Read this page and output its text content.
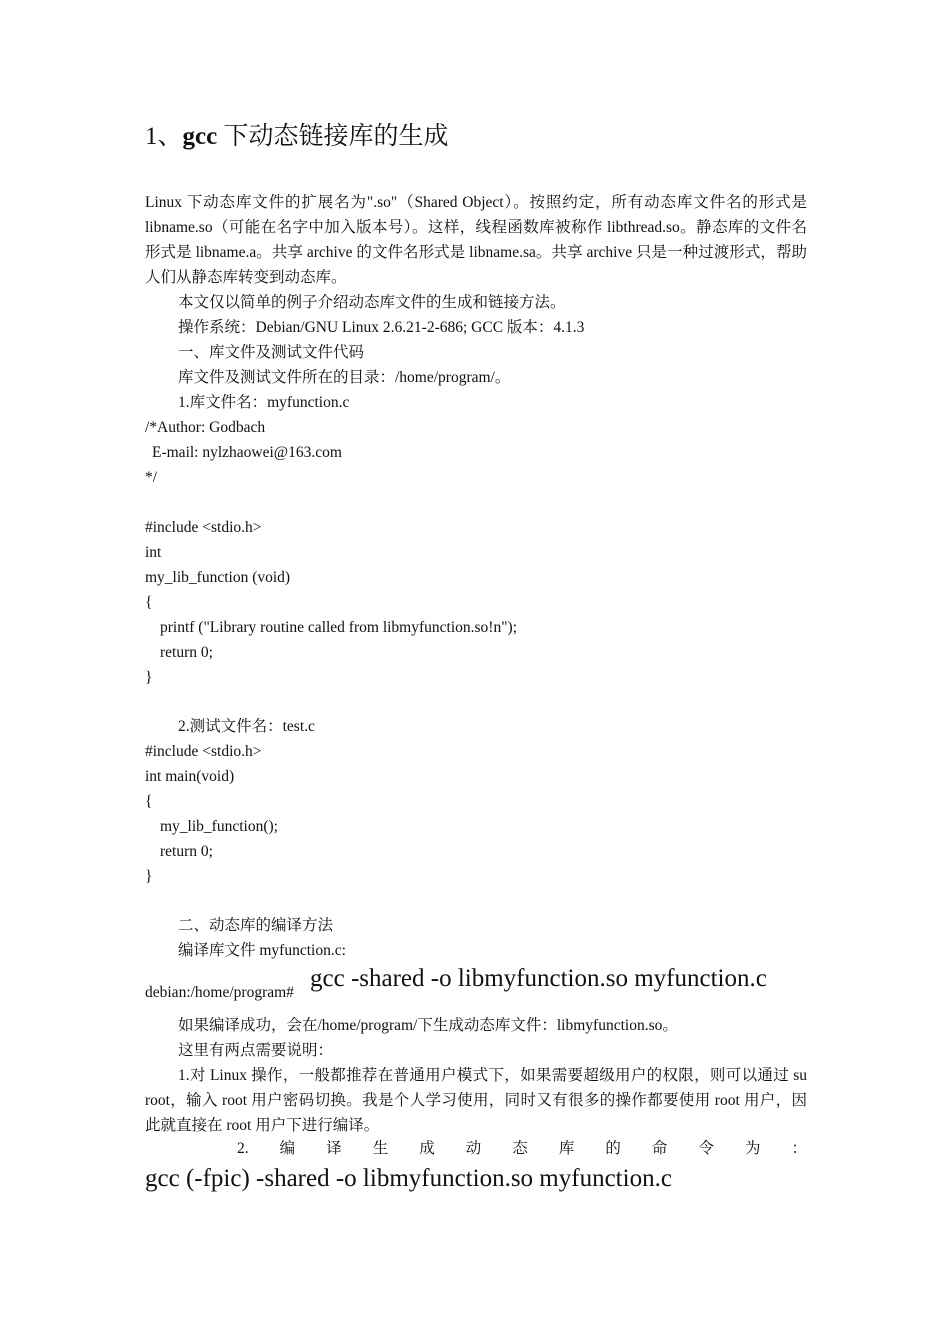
1、gcc 下动态链接库的生成
Linux 下动态库文件的扩展名为".so"（Shared Object）。按照约定，所有动态库文件名的形式是 libname.so（可能在名字中加入版本号）。这样，线程函数库被称作 libthread.so。静态库的文件名形式是 libname.a。共享 archive 的文件名形式是 libname.sa。共享 archive 只是一种过渡形式，帮助人们从静态库转变到动态库。
本文仅以简单的例子介绍动态库文件的生成和链接方法。
操作系统：Debian/GNU Linux 2.6.21-2-686; GCC 版本：4.1.3
一、库文件及测试文件代码
库文件及测试文件所在的目录：/home/program/。
1.库文件名：myfunction.c
/*Author: Godbach
E-mail: nylzhaowei@163.com
*/
#include <stdio.h>
int
my_lib_function (void)
{
printf ("Library routine called from libmyfunction.so!n");
return 0;
}
2.测试文件名：test.c
#include <stdio.h>
int main(void)
{
my_lib_function();
return 0;
}
二、动态库的编译方法
编译库文件 myfunction.c:
debian:/home/program#
gcc -shared -o libmyfunction.so myfunction.c
如果编译成功，会在/home/program/下生成动态库文件：libmyfunction.so。
这里有两点需要说明：
1.对 Linux 操作，一般都推荐在普通用户模式下，如果需要超级用户的权限，则可以通过 su root，输入 root 用户密码切换。我是个人学习使用，同时又有很多的操作都要使用 root 用户，因此就直接在 root 用户下进行编译。
2. 编 译 生 成 动 态 库 的 命 令 为 ：
gcc (-fpic) -shared -o libmyfunction.so myfunction.c
